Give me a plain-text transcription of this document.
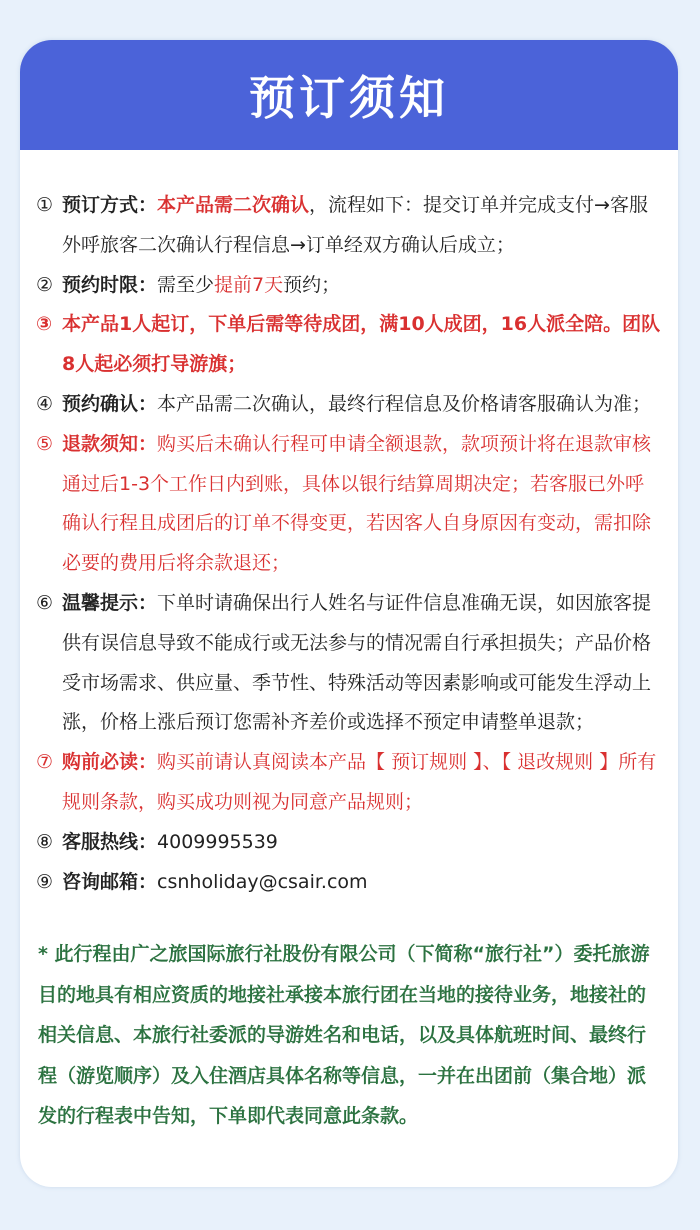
预订须知

① 预订方式：本产品需二次确认，流程如下：提交订单并完成支付→客服外呼旅客二次确认行程信息→订单经双方确认后成立；

② 预约时限：需至少提前7天预约；

③ 本产品1人起订，下单后需等待成团，满10人成团，16人派全陪。团队8人起必须打导游旗；

④ 预约确认：本产品需二次确认，最终行程信息及价格请客服确认为准；

⑤ 退款须知：购买后未确认行程可申请全额退款，款项预计将在退款审核通过后1-3个工作日内到账，具体以银行结算周期决定；若客服已外呼确认行程且成团后的订单不得变更，若因客人自身原因有变动，需扣除必要的费用后将余款退还；

⑥ 温馨提示：下单时请确保出行人姓名与证件信息准确无误，如因旅客提供有误信息导致不能成行或无法参与的情况需自行承担损失；产品价格受市场需求、供应量、季节性、特殊活动等因素影响或可能发生浮动上涨，价格上涨后预订您需补齐差价或选择不预定申请整单退款；

⑦ 购前必读：购买前请认真阅读本产品【 预订规则 】、【 退改规则 】所有规则条款，购买成功则视为同意产品规则；

⑧ 客服热线：4009995539

⑨ 咨询邮箱：csnholiday@csair.com

* 此行程由广之旅国际旅行社股份有限公司（下简称“旅行社”）委托旅游目的地具有相应资质的地接社承接本旅行团在当地的接待业务，地接社的相关信息、本旅行社委派的导游姓名和电话，以及具体航班时间、最终行程（游览顺序）及入住酒店具体名称等信息，一并在出团前（集合地）派发的行程表中告知，下单即代表同意此条款。
